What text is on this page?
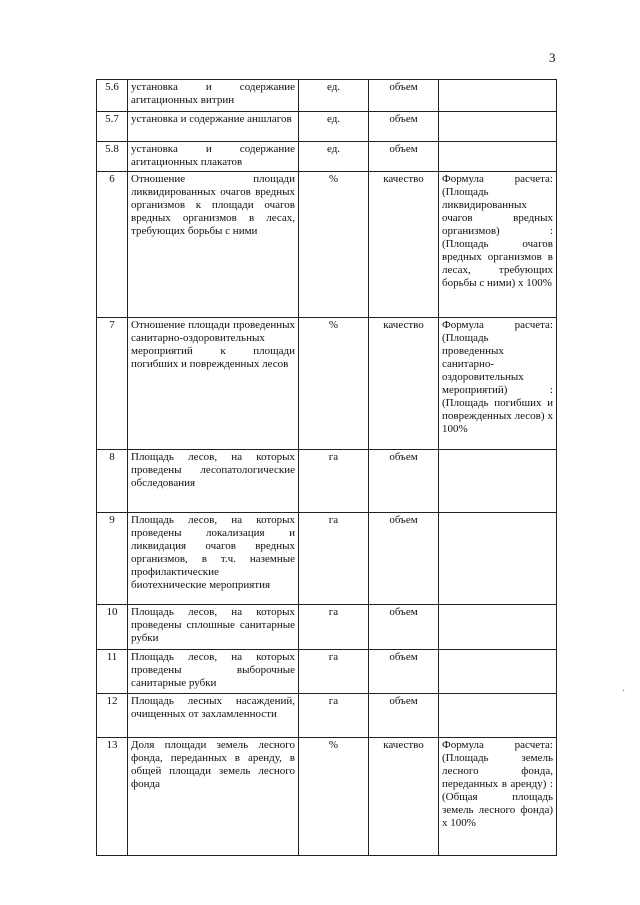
3
5.6	установка и содержание агитационных витрин	ед.	объем	
5.7	установка и содержание аншлагов	ед.	объем	
5.8	установка и содержание агитационных плакатов	ед.	объем	
6	Отношение площади ликвидированных очагов вредных организмов к площади очагов вредных организмов в лесах, требующих борьбы с ними	%	качество	Формула расчета: (Площадь ликвидированных очагов вредных организмов) : (Площадь очагов вредных организмов в лесах, требующих борьбы с ними) х 100%
7	Отношение площади проведенных санитарно-оздоровительных мероприятий к площади погибших и поврежденных лесов	%	качество	Формула расчета: (Площадь проведенных санитарно-оздоровительных мероприятий) : (Площадь погибших и поврежденных лесов) х 100%
8	Площадь лесов, на которых проведены лесопатологические обследования	га	объем	
9	Площадь лесов, на которых проведены локализация и ликвидация очагов вредных организмов, в т.ч. наземные профилактические биотехнические мероприятия	га	объем	
10	Площадь лесов, на которых проведены сплошные санитарные рубки	га	объем	
11	Площадь лесов, на которых проведены выборочные санитарные рубки	га	объем	
12	Площадь лесных насаждений, очищенных от захламленности	га	объем	
13	Доля площади земель лесного фонда, переданных в аренду, в общей площади земель лесного фонда	%	качество	Формула расчета: (Площадь земель лесного фонда, переданных в аренду) : (Общая площадь земель лесного фонда) х 100%
·
